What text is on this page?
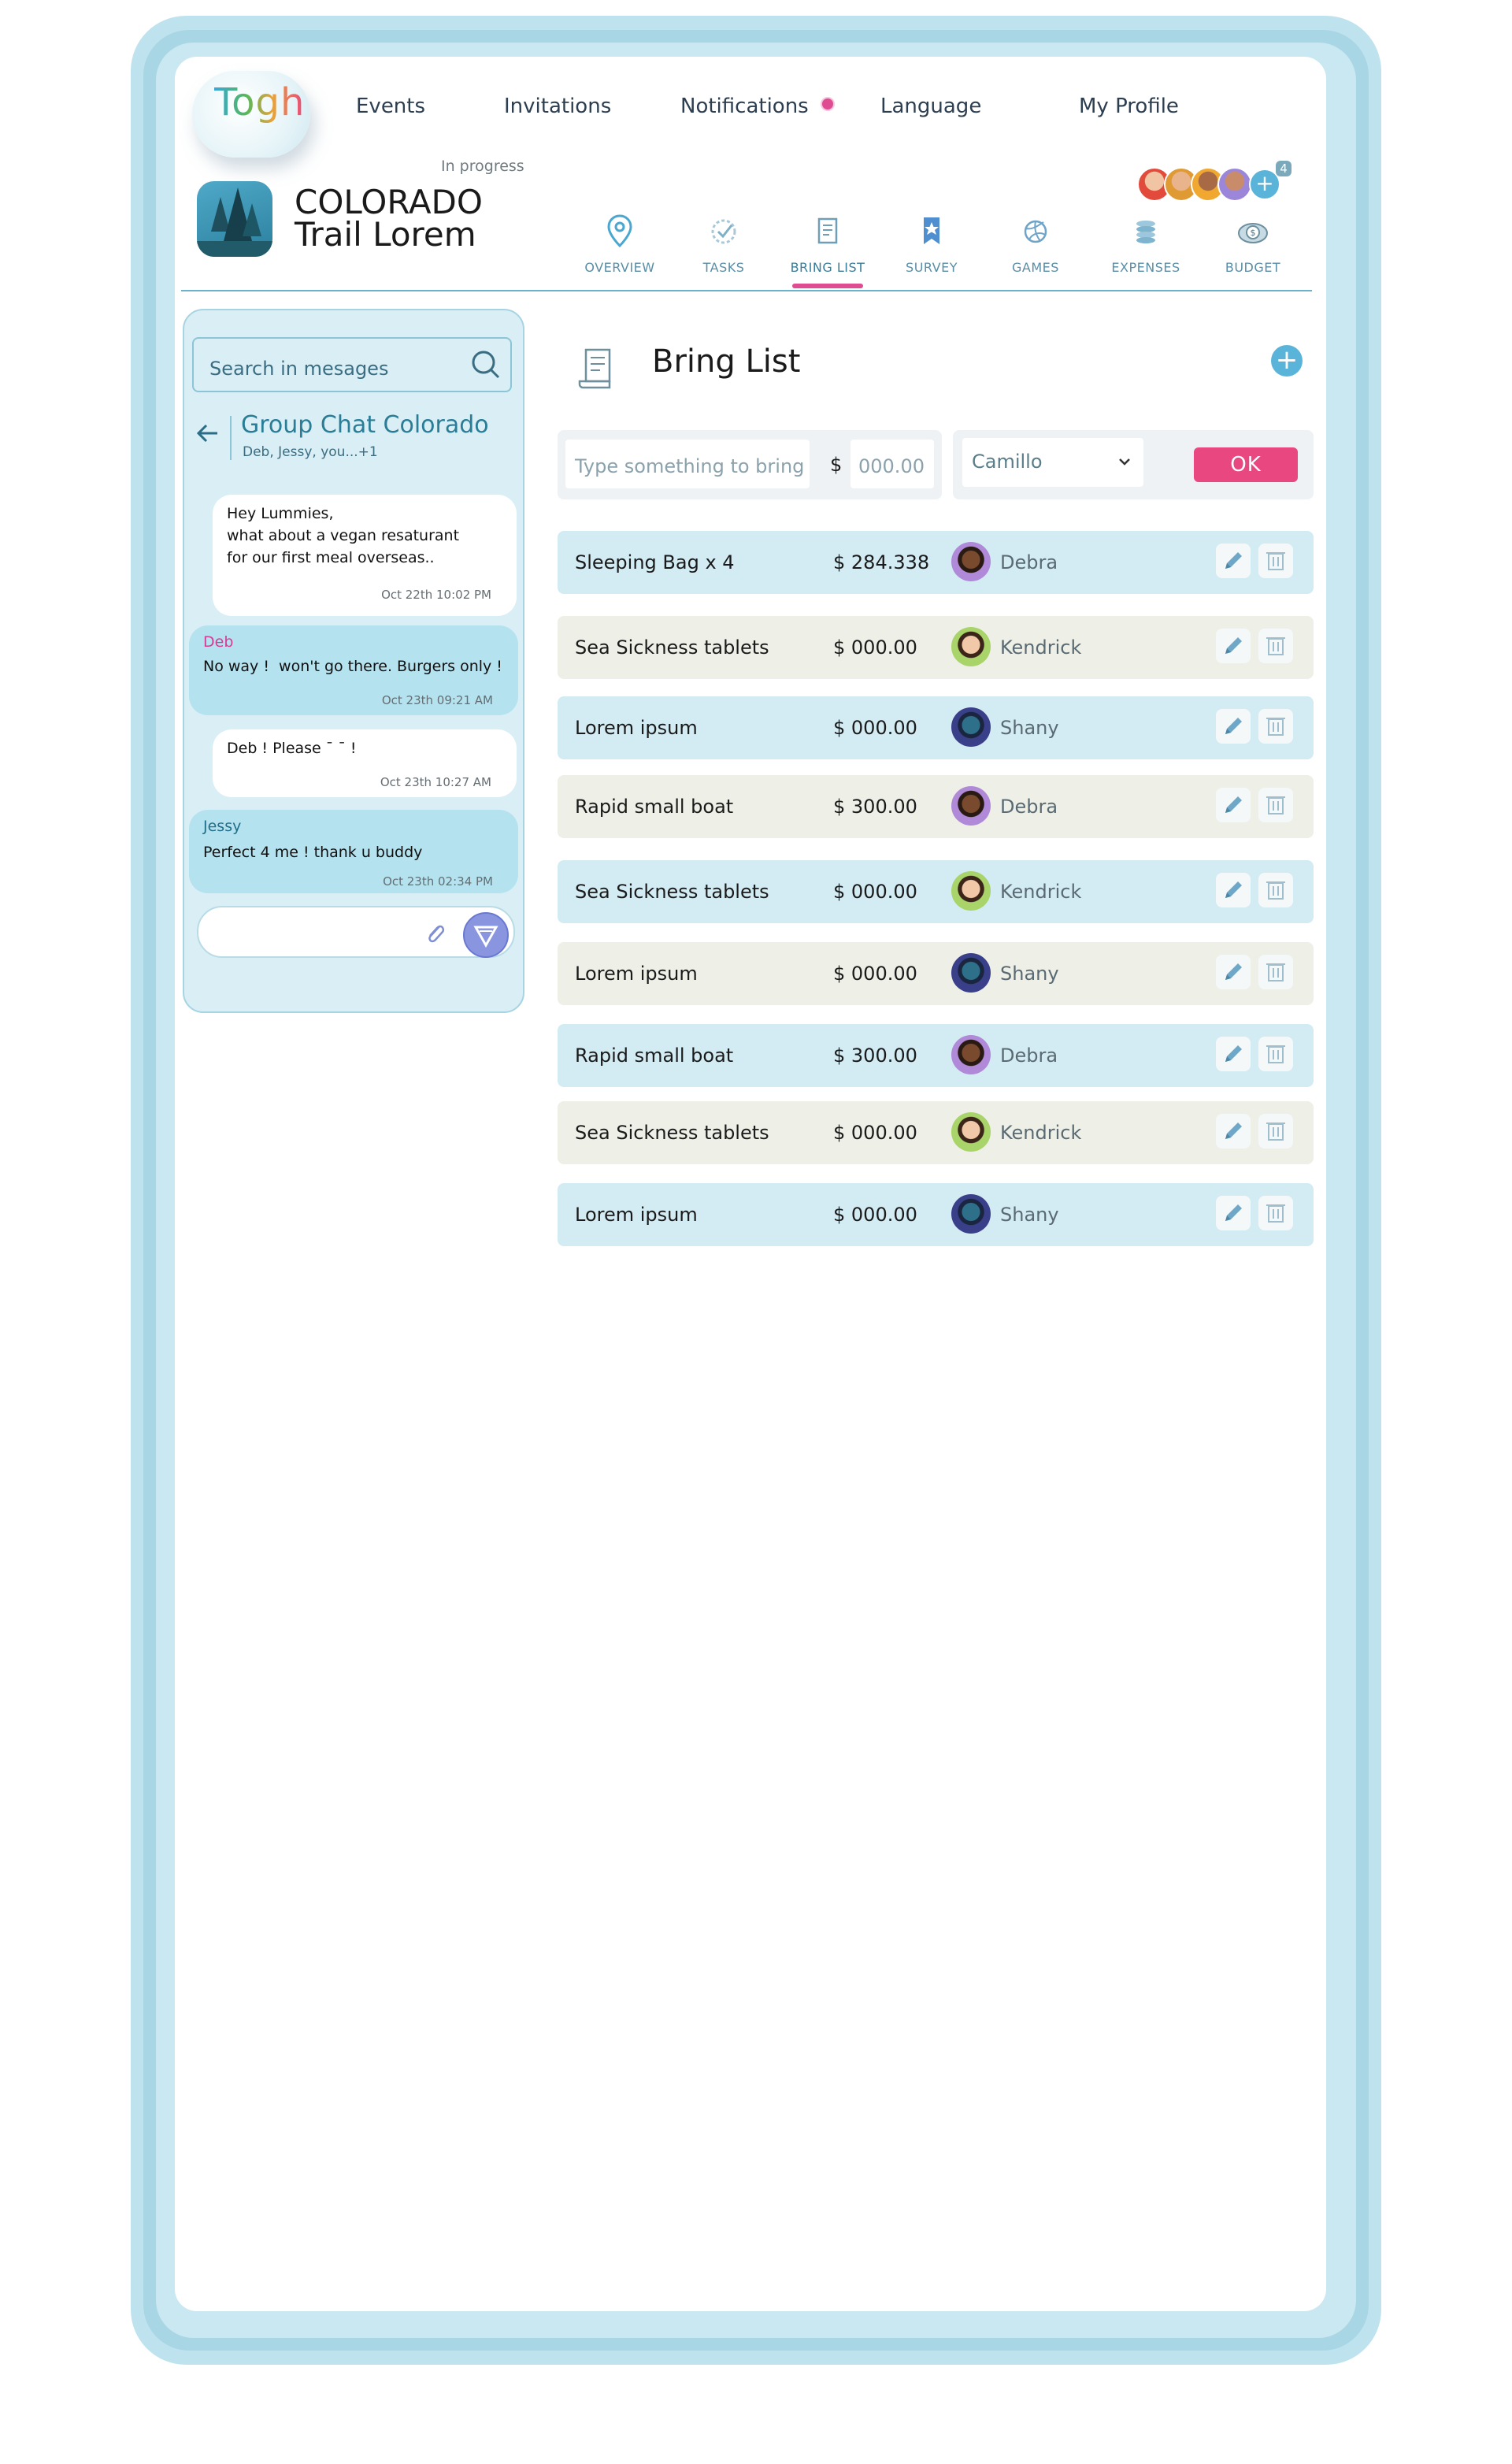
Togh Events	Invitations	Notifications	Language	My Profile
In progress
COLORADO
Trail Lorem
+
4
OVERVIEW	TASKS	BRING LIST	SURVEY	GAMES	EXPENSES
$
BUDGET
Search in mesages
Group Chat Colorado
Deb, Jessy, you...+1
Hey Lummies,
what about a vegan resaturant
for our first meal overseas..
Oct 22th 10:02 PM
Deb
No way !  won't go there. Burgers only !
Oct 23th 09:21 AM
Deb ! Please ¯ ¯ !
Oct 23th 10:27 AM
Jessy
Perfect 4 me ! thank u buddy
Oct 23th 02:34 PM
Bring List	+
Type something to bring $ 000.00	Camillo	OK
Sleeping Bag x 4	$ 284.338	Debra
Sea Sickness tablets	$ 000.00	Kendrick
Lorem ipsum	$ 000.00	Shany
Rapid small boat	$ 300.00	Debra
Sea Sickness tablets	$ 000.00	Kendrick
Lorem ipsum	$ 000.00	Shany
Rapid small boat	$ 300.00	Debra
Sea Sickness tablets	$ 000.00	Kendrick
Lorem ipsum	$ 000.00	Shany
